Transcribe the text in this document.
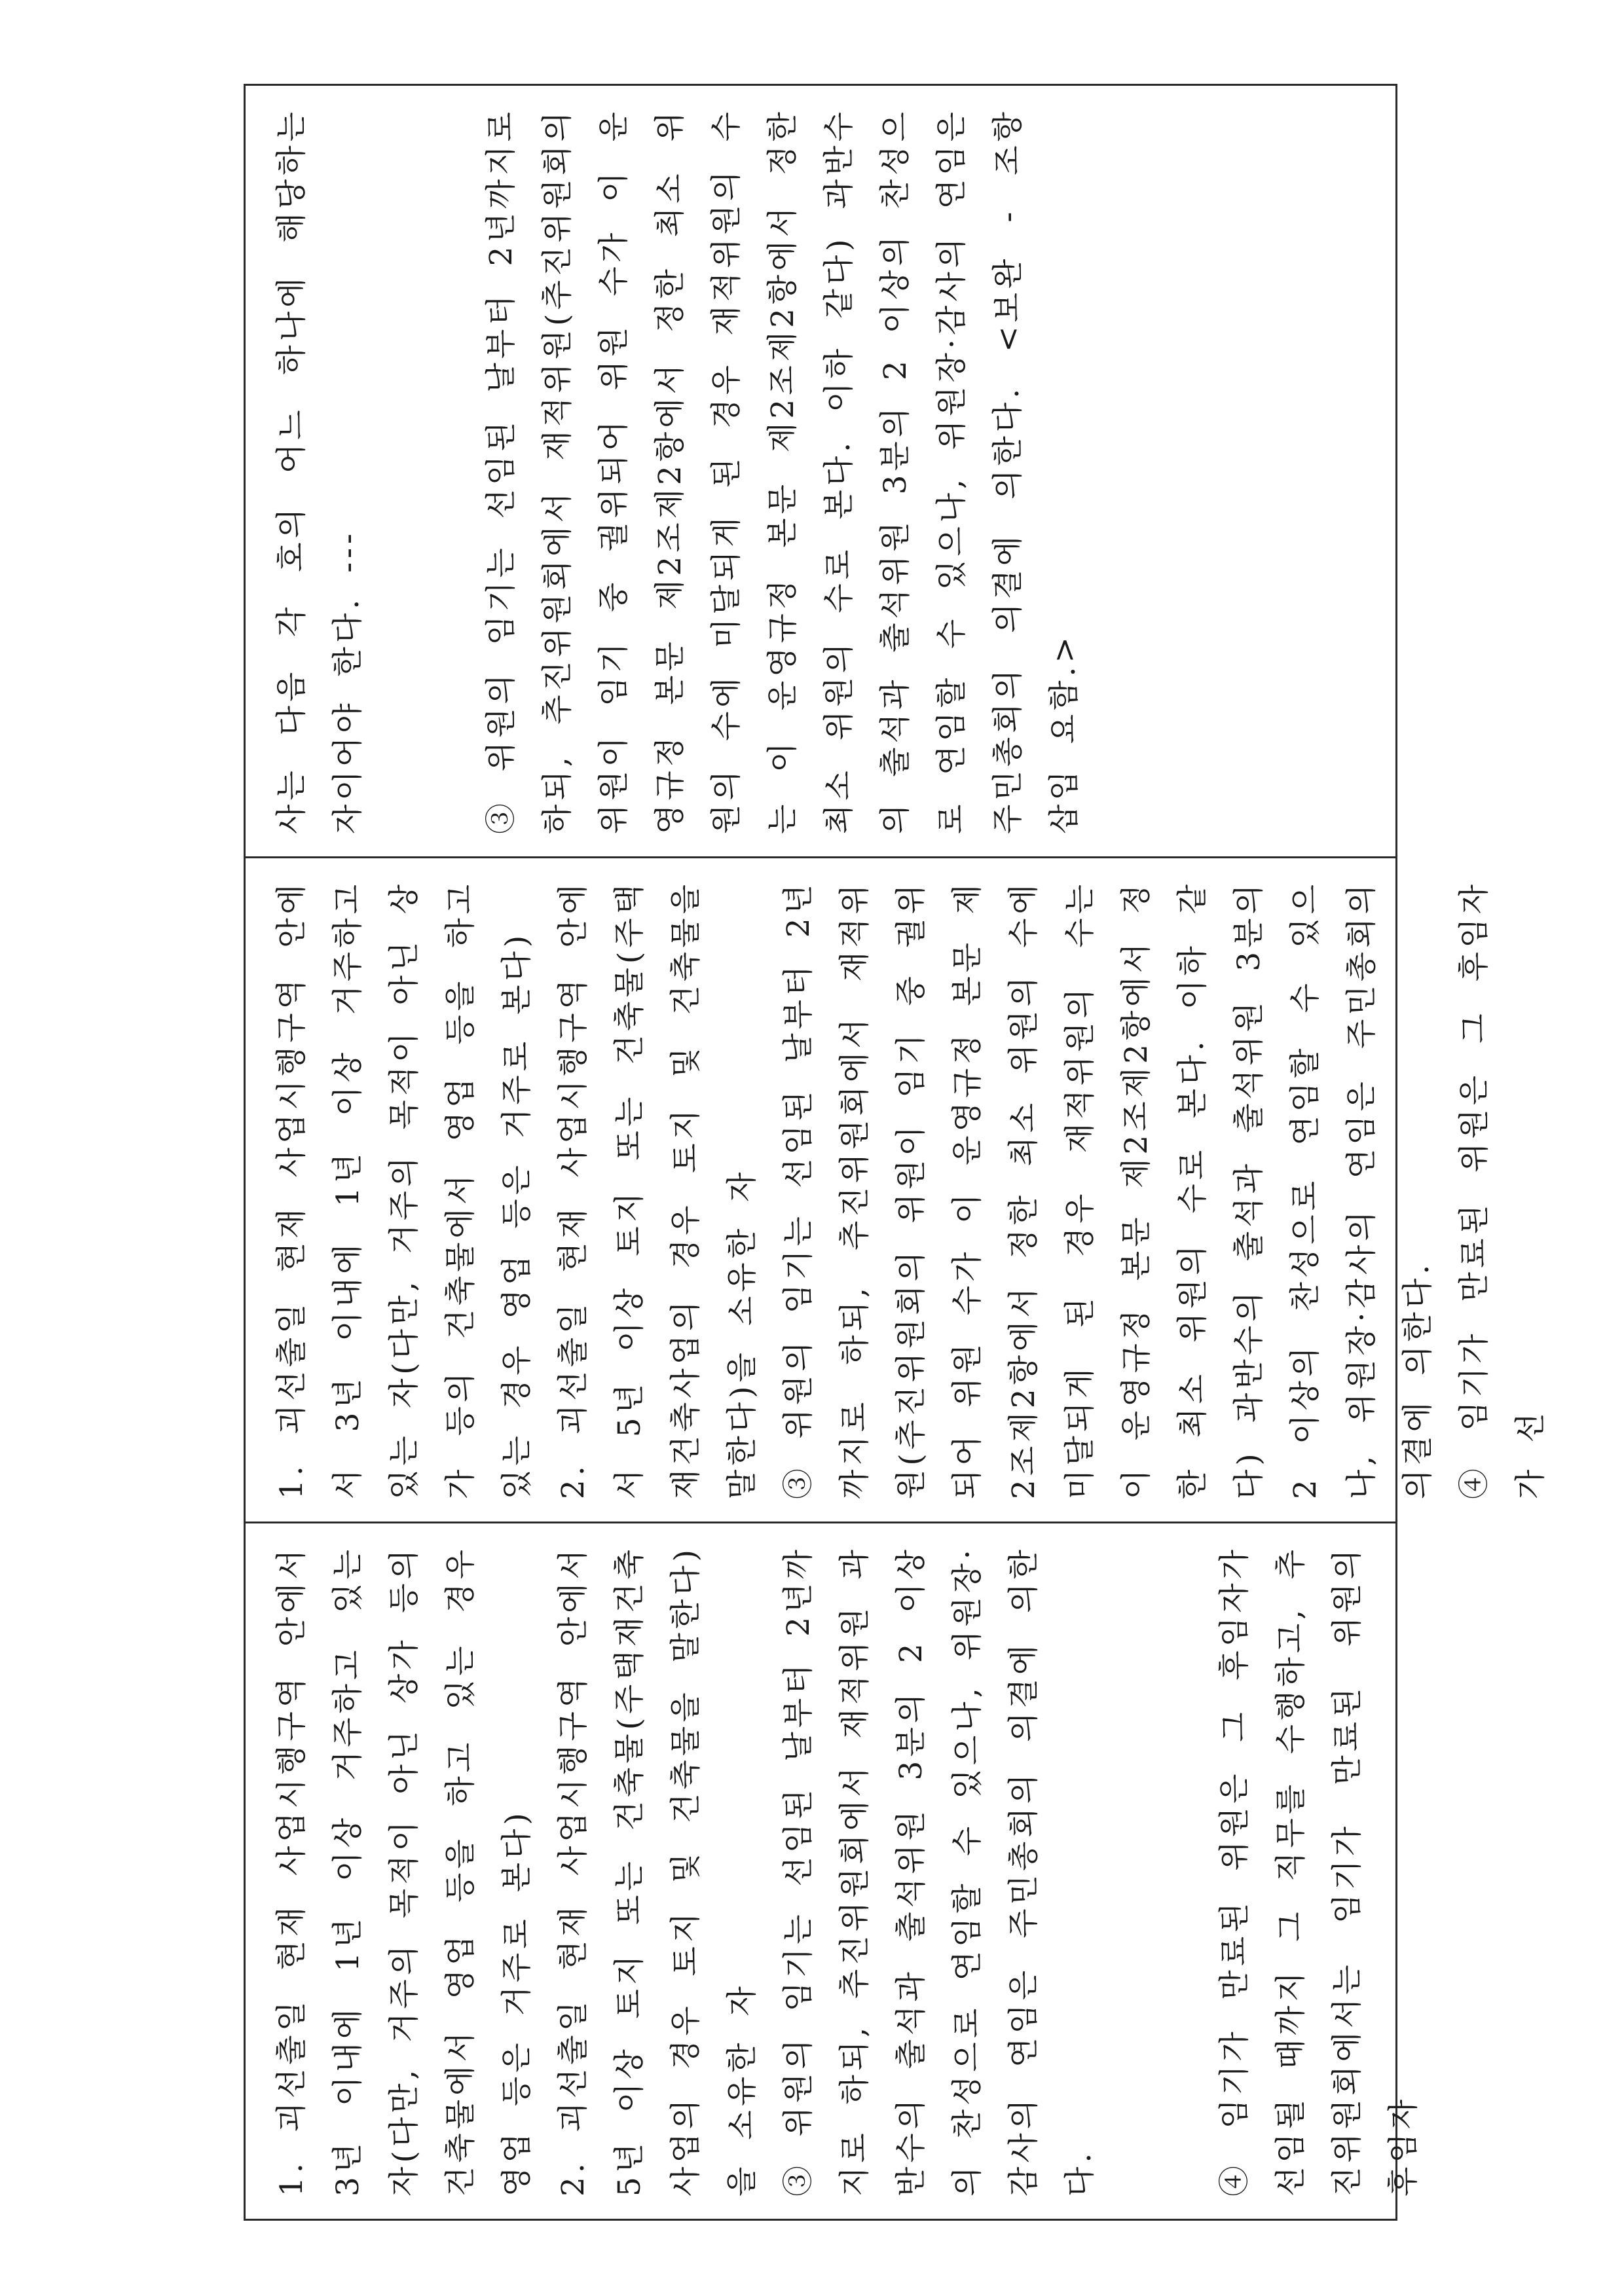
1. 괴선출일 현재 사업시행구역 안에서 3년 이내에 1년 이상 거주하고 있는 자(다만, 거주의 목적이 아닌 상가 등의 건축물에서 영업 등을 하고 있는 경우 영업 등은 거주로 본다) 2. 괴선출일 현재 사업시행구역 안에서 5년 이상 토지 또는 건축물(주택재건축사업의 경우 토지 및 건축물을 말한다)을 소유한 자 ③ 위원의 임기는 선임된 날부터 2년까지로 하되, 추진위원회에서 재적위원 과반수의 출석과 출석위원 3분의 2 이상의 찬성으로 연임할 수 있으나, 위원장·감사의 연임은 주민총회의 의결에 의한다.	④ 임기가 만료된 위원은 그 후임자가 선임될 때까지 그 직무를 수행하고, 추진위원회에서는 임기가 만료된 위원의 후임자

1. 괴선출일 현재 사업시행구역 안에서 3년 이내에 1년 이상 거주하고 있는 자(다만, 거주의 목적이 아닌 상가 등의 건축물에서 영업 등을 하고 있는 경우 영업 등은 거주로 본다) 2. 괴선출일 현재 사업시행구역 안에서 5년 이상 토지 또는 건축물(주택재건축사업의 경우 토지 및 건축물을 말한다)을 소유한 자 ③ 위원의 임기는 선임된 날부터 2년까지로 하되, 추진위원회에서 재적위원(추진위원회의 위원이 임기 중 궐위되어 위원 수가 이 운영규정 본문 제2조제2항에서 정한 최소 위원의 수에 미달되게 된 경우 재적위원의 수는 이 운영규정 본문 제2조제2항에서 정한 최소 위원의 수로 본다. 이하 같다) 과반수의 출석과 출석위원 3분의 2 이상의 찬성으로 연임할 수 있으나, 위원장·감사의 연임은 주민총회의 의결에 의한다. ④ 임기가 만료된 위원은 그 후임자가 선

사는 다음 각 호의 어느 하나에 해당하는 자이어야 한다. ---	③ 위원의 임기는 선임된 날부터 2년까지로 하되, 추진위원회에서 재적위원(추진위원회의 위원이 임기 중 궐위되어 위원 수가 이 운영규정 본문 제2조제2항에서 정한 최소 위원의 수에 미달되게 된 경우 재적위원의 수는 이 운영규정 본문 제2조제2항에서 정한 최소 위원의 수로 본다. 이하 같다) 과반수의 출석과 출석위원 3분의 2 이상의 찬성으로 연임할 수 있으나, 위원장·감사의 연임은 주민총회의 의결에 의한다. <보완 - 조항 삽입 요함.>
